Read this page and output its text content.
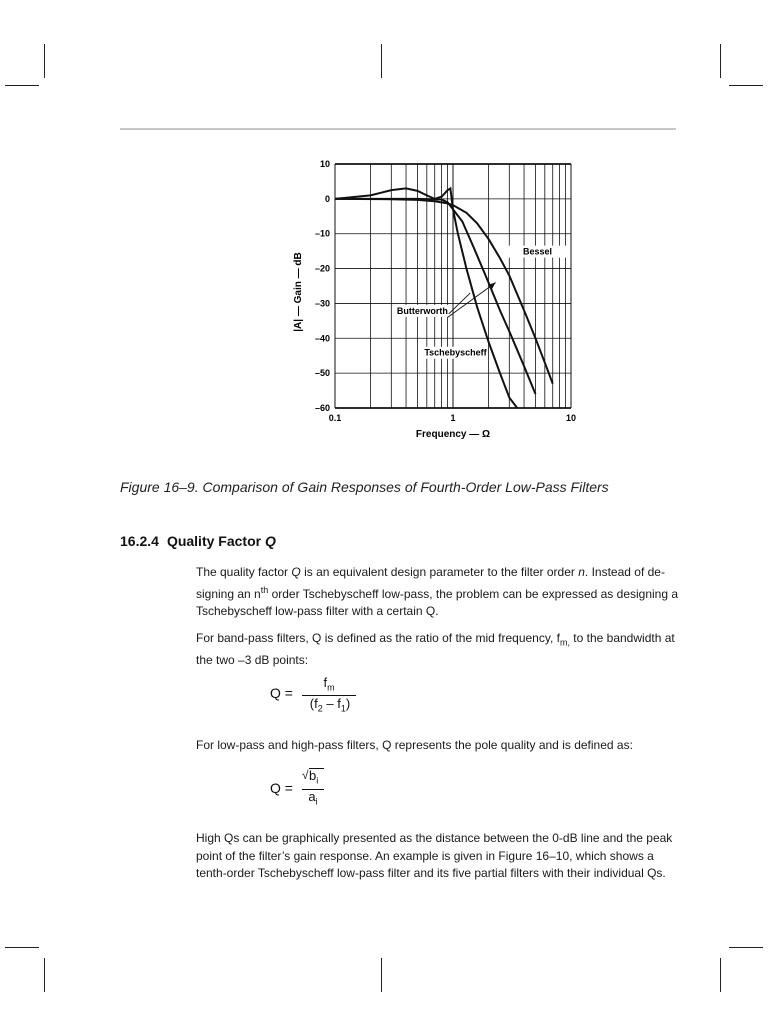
10
0
–10
–20
–30
–40
–50
–60
0.1	1	10
Bessel
Butterworth
Tschebyscheff
Frequency — Ω
|A| — Gain — dB
Figure 16–9. Comparison of Gain Responses of Fourth-Order Low-Pass Filters
16.2.4 Quality Factor Q

The quality factor Q is an equivalent design parameter to the filter order n. Instead of de-signing an $n^{th}$ order Tschebyscheff low-pass, the problem can be expressed as designing a Tschebyscheff low-pass filter with a certain Q.

For band-pass filters, Q is defined as the ratio of the mid frequency, $f_{m,}$ to the bandwidth at the two –3 dB points:

Q =
$f_m$
$(f_2 - f_1)$

For low-pass and high-pass filters, Q represents the pole quality and is defined as:

Q =
√ $b_i$
$a_i$

High Qs can be graphically presented as the distance between the 0-dB line and the peak point of the filter’s gain response. An example is given in Figure 16–10, which shows a tenth-order Tschebyscheff low-pass filter and its five partial filters with their individual Qs.
